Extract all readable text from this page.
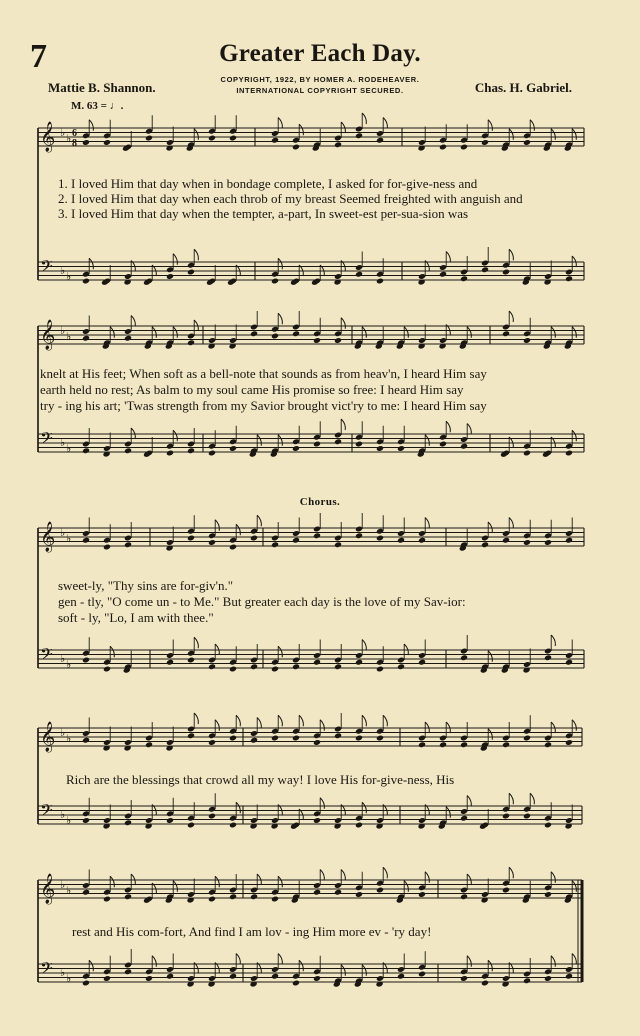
7	Greater Each Day.
Mattie B. Shannon.	Chas. H. Gabriel.
COPYRIGHT, 1922, BY HOMER A. RODEHEAVER.
INTERNATIONAL COPYRIGHT SECURED.
M. 63 = ♩.
Chorus.
𝄞 ♭ ♭
𝄢 ♭ ♭
𝄞 ♭ ♭
𝄢 ♭ ♭
𝄞 ♭ ♭
𝄢 ♭ ♭
𝄞 ♭ ♭
𝄢 ♭ ♭
𝄞 ♭ ♭
𝄢 ♭ ♭
6
8
1. I loved Him that day when in bondage complete, I asked for for-give-ness and
2. I loved Him that day when each throb of my breast Seemed freighted with anguish and
3. I loved Him that day when the tempter, a-part, In sweet-est per-sua-sion was
knelt at His feet; When soft as a bell-note that sounds as from heav'n, I heard Him say
earth held no rest; As balm to my soul came His promise so free: I heard Him say
try - ing his art; 'Twas strength from my Savior brought vict'ry to me: I heard Him say
sweet-ly, "Thy sins are for-giv'n."
gen - tly, "O come un - to Me." But greater each day is the love of my Sav-ior:
soft - ly, "Lo, I am with thee."
Rich are the blessings that crowd all my way! I love His for-give-ness, His
rest and His com-fort, And find I am lov - ing Him more ev - 'ry day!
